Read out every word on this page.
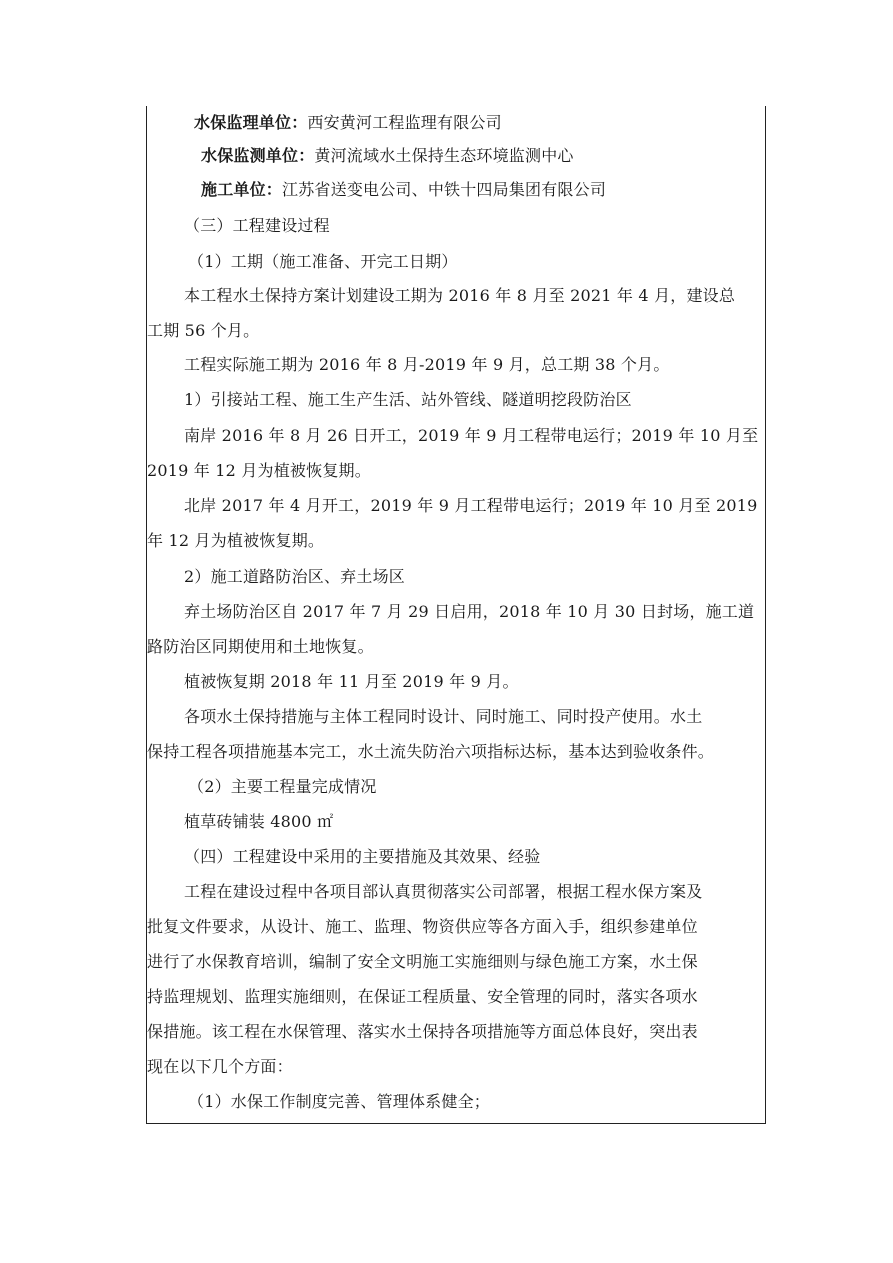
水保监理单位：西安黄河工程监理有限公司
水保监测单位：黄河流域水土保持生态环境监测中心
施工单位：江苏省送变电公司、中铁十四局集团有限公司
（三）工程建设过程
（1）工期（施工准备、开完工日期）
本工程水土保持方案计划建设工期为 2016 年 8 月至 2021 年 4 月，建设总
工期 56 个月。
工程实际施工期为 2016 年 8 月-2019 年 9 月，总工期 38 个月。
1）引接站工程、施工生产生活、站外管线、隧道明挖段防治区
南岸 2016 年 8 月 26 日开工，2019 年 9 月工程带电运行；2019 年 10 月至
2019 年 12 月为植被恢复期。
北岸 2017 年 4 月开工，2019 年 9 月工程带电运行；2019 年 10 月至 2019
年 12 月为植被恢复期。
2）施工道路防治区、弃土场区
弃土场防治区自 2017 年 7 月 29 日启用，2018 年 10 月 30 日封场，施工道
路防治区同期使用和土地恢复。
植被恢复期 2018 年 11 月至 2019 年 9 月。
各项水土保持措施与主体工程同时设计、同时施工、同时投产使用。水土
保持工程各项措施基本完工，水土流失防治六项指标达标，基本达到验收条件。
（2）主要工程量完成情况
植草砖铺装 4800 ㎡
（四）工程建设中采用的主要措施及其效果、经验
工程在建设过程中各项目部认真贯彻落实公司部署，根据工程水保方案及
批复文件要求，从设计、施工、监理、物资供应等各方面入手，组织参建单位
进行了水保教育培训，编制了安全文明施工实施细则与绿色施工方案，水土保
持监理规划、监理实施细则，在保证工程质量、安全管理的同时，落实各项水
保措施。该工程在水保管理、落实水土保持各项措施等方面总体良好，突出表
现在以下几个方面：
（1）水保工作制度完善、管理体系健全；
